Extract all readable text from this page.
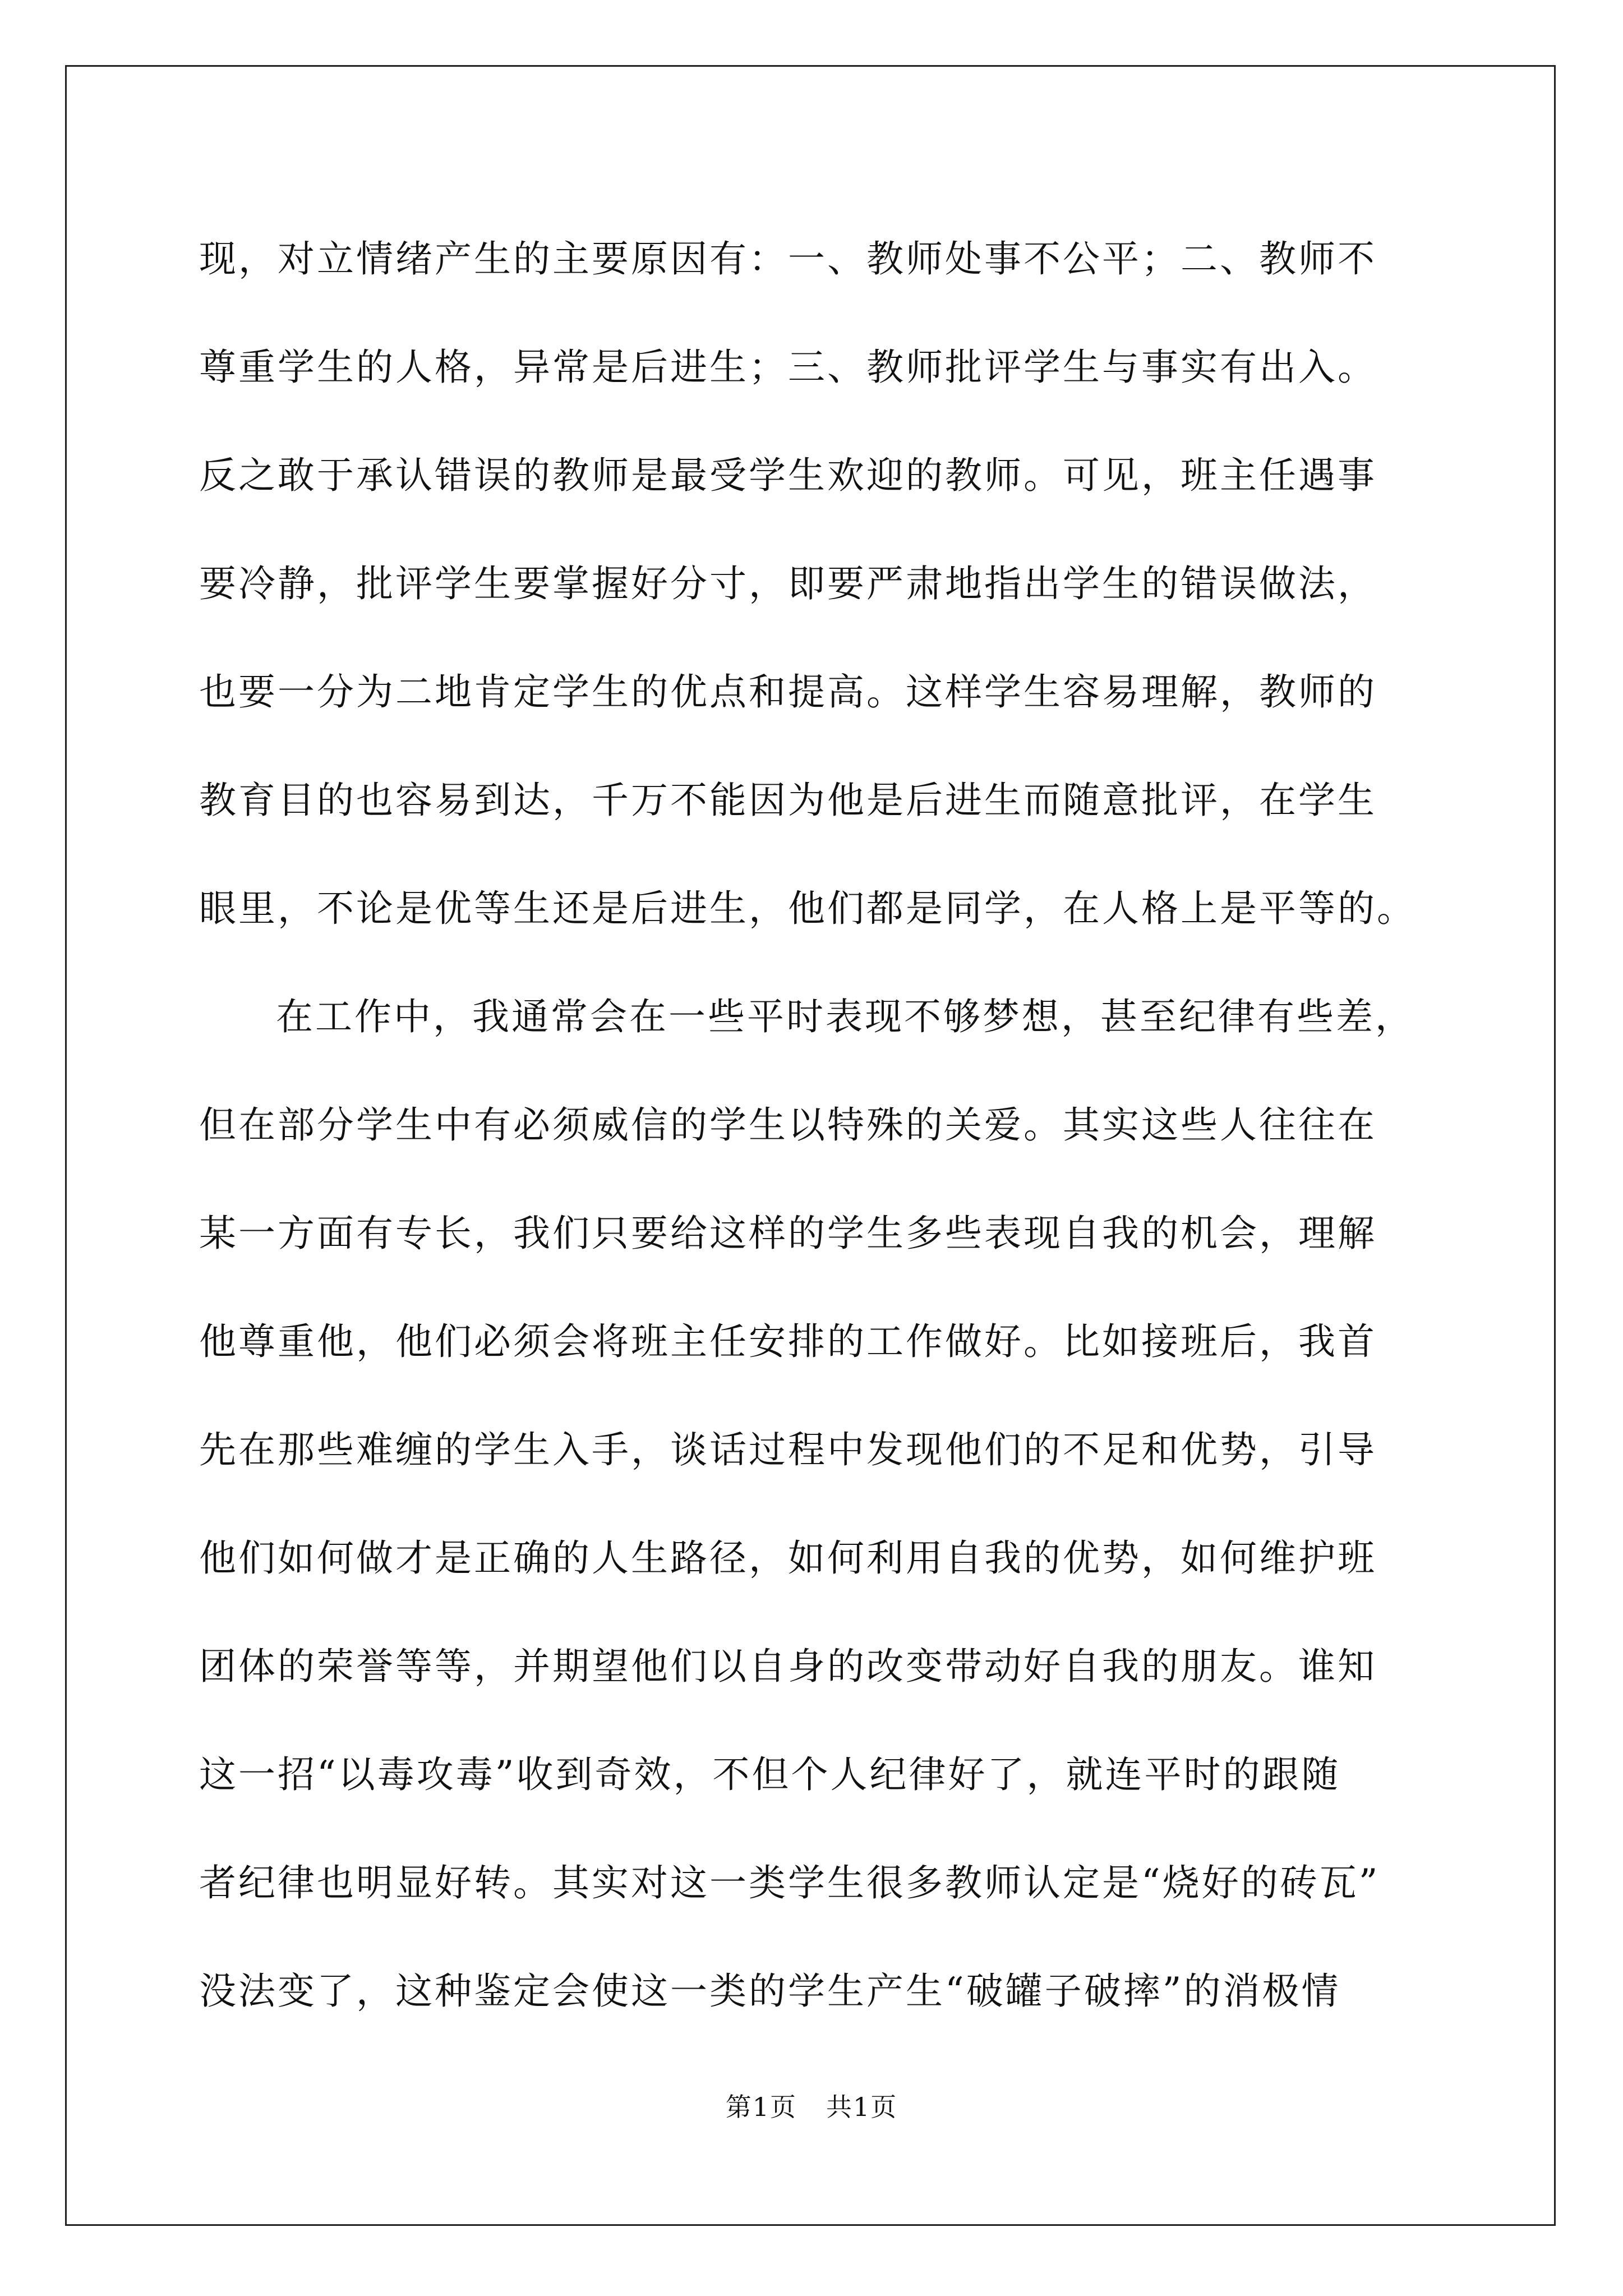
现，对立情绪产生的主要原因有：一、教师处事不公平；二、教师不
尊重学生的人格，异常是后进生；三、教师批评学生与事实有出入。
反之敢于承认错误的教师是最受学生欢迎的教师。可见，班主任遇事
要冷静，批评学生要掌握好分寸，即要严肃地指出学生的错误做法，
也要一分为二地肯定学生的优点和提高。这样学生容易理解，教师的
教育目的也容易到达，千万不能因为他是后进生而随意批评，在学生
眼里，不论是优等生还是后进生，他们都是同学，在人格上是平等的。
在工作中，我通常会在一些平时表现不够梦想，甚至纪律有些差，
但在部分学生中有必须威信的学生以特殊的关爱。其实这些人往往在
某一方面有专长，我们只要给这样的学生多些表现自我的机会，理解
他尊重他，他们必须会将班主任安排的工作做好。比如接班后，我首
先在那些难缠的学生入手，谈话过程中发现他们的不足和优势，引导
他们如何做才是正确的人生路径，如何利用自我的优势，如何维护班
团体的荣誉等等，并期望他们以自身的改变带动好自我的朋友。谁知
这一招“以毒攻毒”收到奇效，不但个人纪律好了，就连平时的跟随
者纪律也明显好转。其实对这一类学生很多教师认定是“烧好的砖瓦”
没法变了，这种鉴定会使这一类的学生产生“破罐子破摔”的消极情
第1页 共1页
